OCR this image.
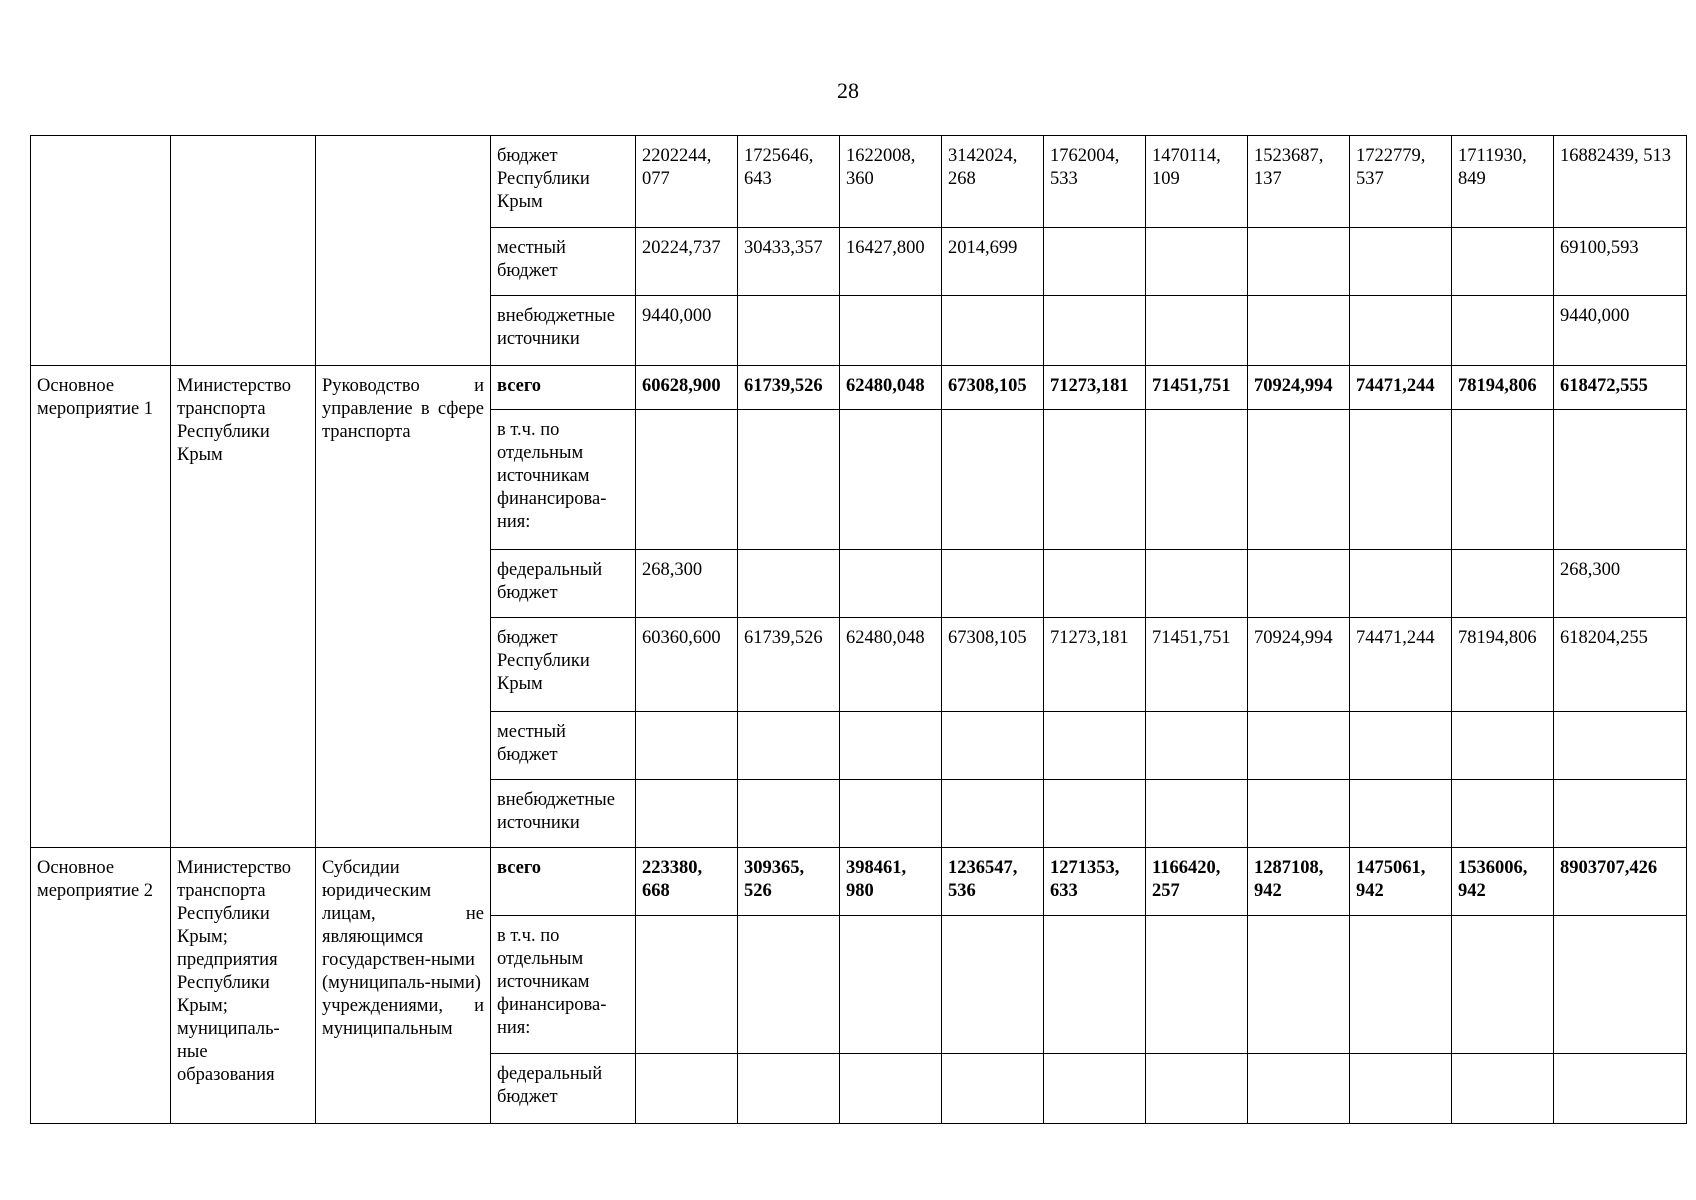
28
			бюджет Республики Крым	2202244, 077	1725646, 643	1622008, 360	3142024, 268	1762004, 533	1470114, 109	1523687, 137	1722779, 537	1711930, 849	16882439, 513
			местный бюджет	20224,737	30433,357	16427,800	2014,699						69100,593
			внебюджетные источники	9440,000									9440,000
Основное мероприятие 1	Министерство транспорта Республики Крым	Руководство и управление в сфере транспорта	всего	60628,900	61739,526	62480,048	67308,105	71273,181	71451,751	70924,994	74471,244	78194,806	618472,555
			в т.ч. по отдельным источникам финансирова-ния:										
			федеральный бюджет	268,300									268,300
			бюджет Республики Крым	60360,600	61739,526	62480,048	67308,105	71273,181	71451,751	70924,994	74471,244	78194,806	618204,255
			местный бюджет										
			внебюджетные источники										
Основное мероприятие 2	Министерство транспорта Республики Крым; предприятия Республики Крым; муниципаль-ные образования	Субсидии юридическим лицам, не являющимся государствен-ными (муниципаль-ными) учреждениями, и муниципальным	всего	223380, 668	309365, 526	398461, 980	1236547, 536	1271353, 633	1166420, 257	1287108, 942	1475061, 942	1536006, 942	8903707,426
			в т.ч. по отдельным источникам финансирова-ния:										
			федеральный бюджет										
